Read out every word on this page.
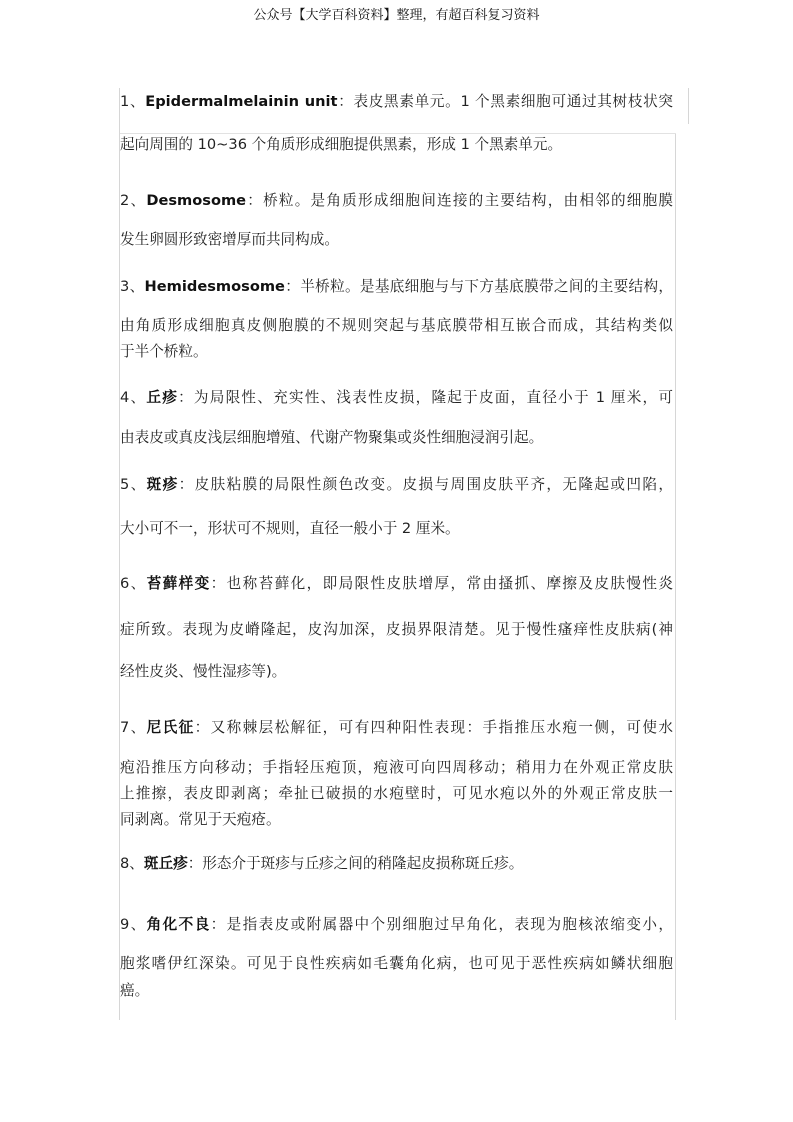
公众号【大学百科资料】整理，有超百科复习资料
1、Epidermalmelainin unit：表皮黑素单元。1 个黑素细胞可通过其树枝状突
起向周围的 10~36 个角质形成细胞提供黑素，形成 1 个黑素单元。
2、Desmosome：桥粒。是角质形成细胞间连接的主要结构，由相邻的细胞膜
发生卵圆形致密增厚而共同构成。
3、Hemidesmosome：半桥粒。是基底细胞与与下方基底膜带之间的主要结构，
由角质形成细胞真皮侧胞膜的不规则突起与基底膜带相互嵌合而成，其结构类似
于半个桥粒。
4、丘疹：为局限性、充实性、浅表性皮损，隆起于皮面，直径小于 1 厘米，可
由表皮或真皮浅层细胞增殖、代谢产物聚集或炎性细胞浸润引起。
5、斑疹：皮肤粘膜的局限性颜色改变。皮损与周围皮肤平齐，无隆起或凹陷，
大小可不一，形状可不规则，直径一般小于 2 厘米。
6、苔藓样变：也称苔藓化，即局限性皮肤增厚，常由搔抓、摩擦及皮肤慢性炎
症所致。表现为皮嵴隆起，皮沟加深，皮损界限清楚。见于慢性瘙痒性皮肤病(神
经性皮炎、慢性湿疹等)。
7、尼氏征：又称棘层松解征，可有四种阳性表现：手指推压水疱一侧，可使水
疱沿推压方向移动；手指轻压疱顶，疱液可向四周移动；稍用力在外观正常皮肤
上推擦，表皮即剥离；牵扯已破损的水疱壁时，可见水疱以外的外观正常皮肤一
同剥离。常见于天疱疮。
8、斑丘疹：形态介于斑疹与丘疹之间的稍隆起皮损称斑丘疹。
9、角化不良：是指表皮或附属器中个别细胞过早角化，表现为胞核浓缩变小，
胞浆嗜伊红深染。可见于良性疾病如毛囊角化病，也可见于恶性疾病如鳞状细胞
癌。
